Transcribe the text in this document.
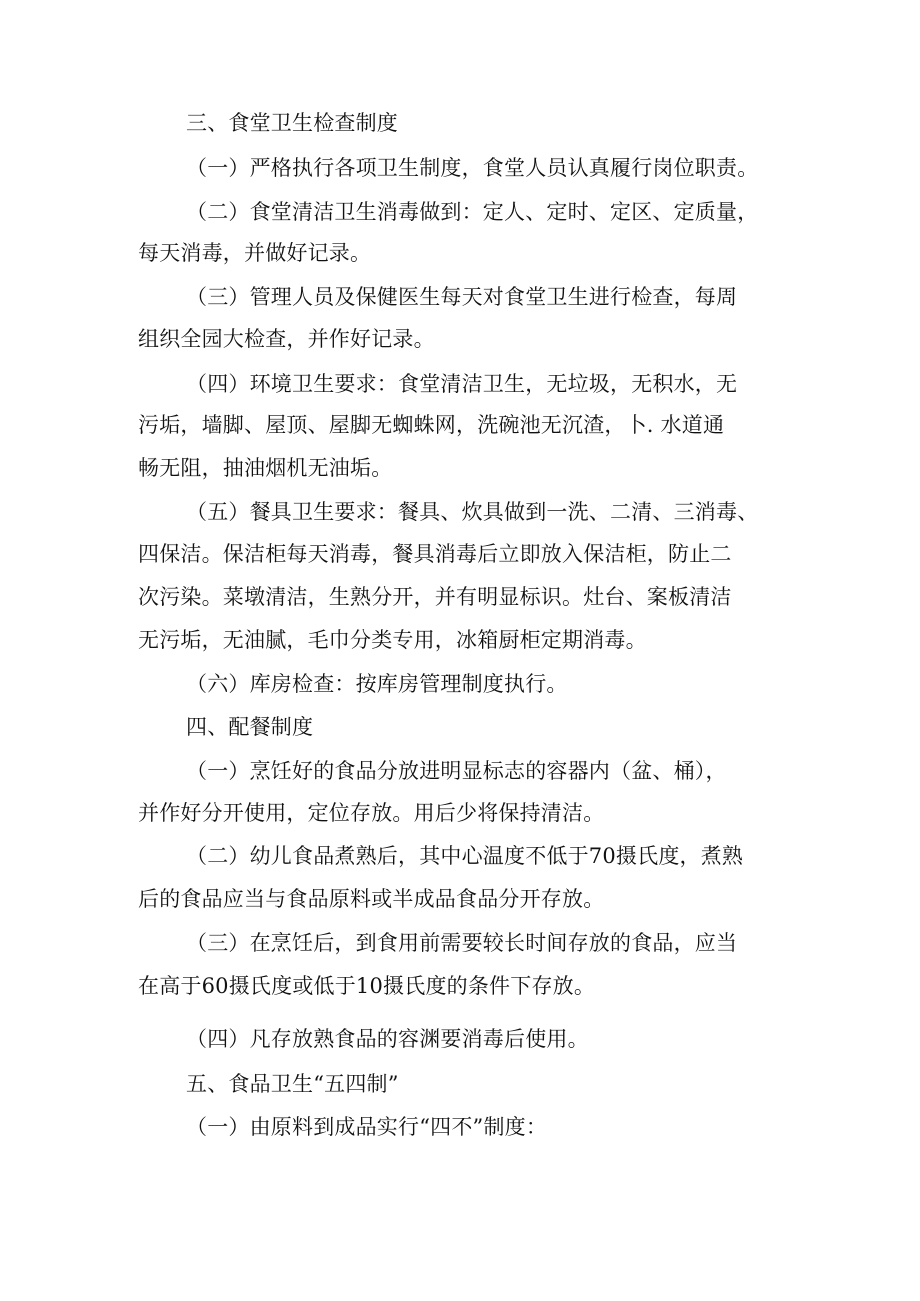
三、食堂卫生检查制度
（一）严格执行各项卫生制度，食堂人员认真履行岗位职责。
（二）食堂清洁卫生消毒做到：定人、定时、定区、定质量，
每天消毒，并做好记录。
（三）管理人员及保健医生每天对食堂卫生进行检查，每周
组织全园大检查，并作好记录。
（四）环境卫生要求：食堂清洁卫生，无垃圾，无积水，无
污垢，墙脚、屋顶、屋脚无蜘蛛网，洗碗池无沉渣，卜. 水道通
畅无阻，抽油烟机无油垢。
（五）餐具卫生要求：餐具、炊具做到一洗、二清、三消毒、
四保洁。保洁柜每天消毒，餐具消毒后立即放入保洁柜，防止二
次污染。菜墩清洁，生熟分开，并有明显标识。灶台、案板清洁
无污垢，无油腻，毛巾分类专用，冰箱厨柜定期消毒。
（六）库房检查：按库房管理制度执行。
四、配餐制度
（一）烹饪好的食品分放进明显标志的容器内（盆、桶），
并作好分开使用，定位存放。用后少将保持清洁。
（二）幼儿食品煮熟后，其中心温度不低于70摄氏度，煮熟
后的食品应当与食品原料或半成品食品分开存放。
（三）在烹饪后，到食用前需要较长时间存放的食品，应当
在高于60摄氏度或低于10摄氏度的条件下存放。
（四）凡存放熟食品的容渊要消毒后使用。
五、食品卫生“五四制”
（一）由原料到成品实行“四不”制度：
